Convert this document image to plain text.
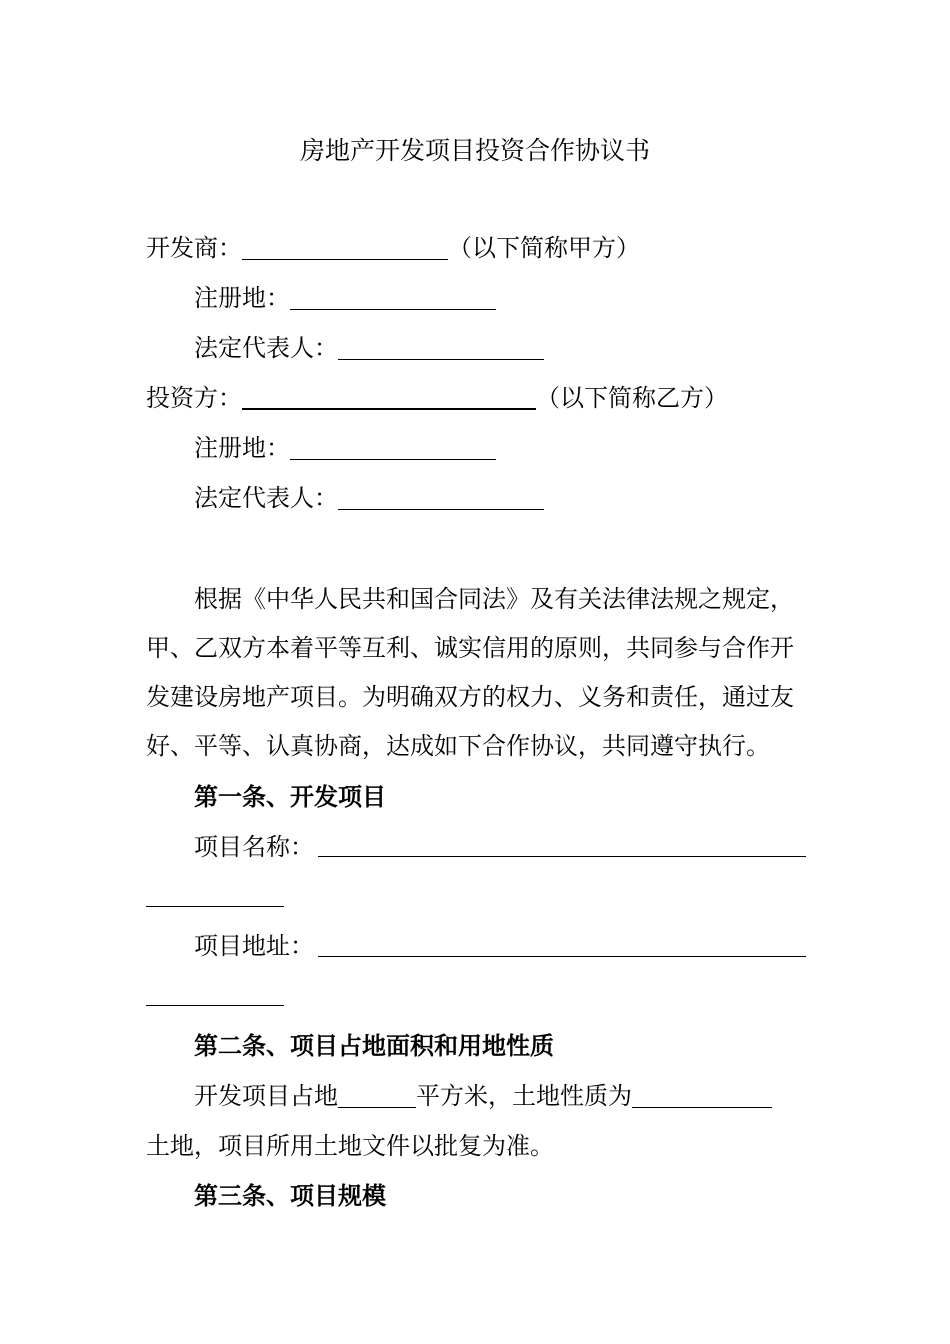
房地产开发项目投资合作协议书
开发商：	（以下简称甲方）
注册地：
法定代表人：
投资方：	（以下简称乙方）
注册地：
法定代表人：
根据《中华人民共和国合同法》及有关法律法规之规定，
甲、乙双方本着平等互利、诚实信用的原则，共同参与合作开
发建设房地产项目。为明确双方的权力、义务和责任，通过友
好、平等、认真协商，达成如下合作协议，共同遵守执行。
第一条、开发项目
项目名称：
项目地址：
第二条、项目占地面积和用地性质
开发项目占地	平方米，土地性质为
土地，项目所用土地文件以批复为准。
第三条、项目规模
